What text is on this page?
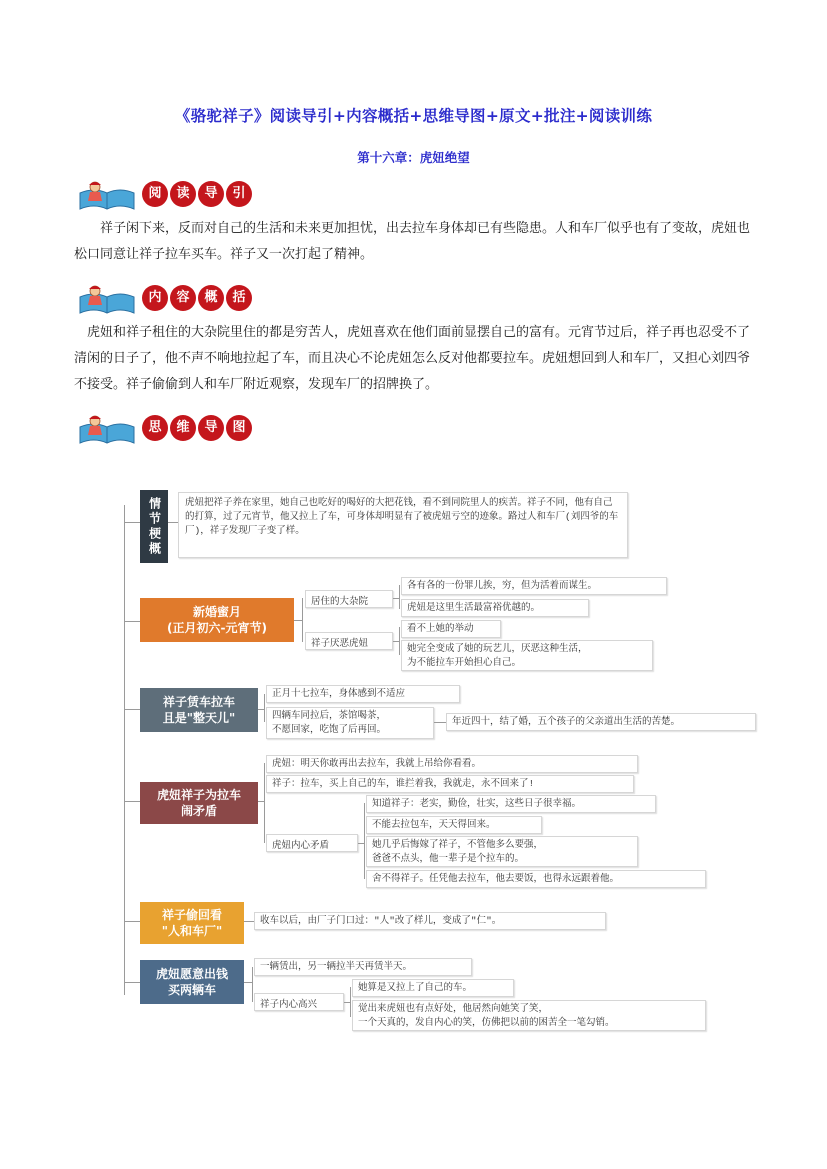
《骆驼祥子》阅读导引+内容概括+思维导图+原文+批注+阅读训练
第十六章：虎妞绝望
阅	读	导	引
祥子闲下来，反而对自己的生活和未来更加担忧，出去拉车身体却已有些隐患。人和车厂似乎也有了变故，虎妞也松口同意让祥子拉车买车。祥子又一次打起了精神。
内	容	概	括
虎妞和祥子租住的大杂院里住的都是穷苦人，虎妞喜欢在他们面前显摆自己的富有。元宵节过后，祥子再也忍受不了清闲的日子了，他不声不响地拉起了车，而且决心不论虎妞怎么反对他都要拉车。虎妞想回到人和车厂，又担心刘四爷不接受。祥子偷偷到人和车厂附近观察，发现车厂的招牌换了。
思	维	导	图
情节梗概	虎妞把祥子养在家里，她自己也吃好的喝好的大把花钱，看不到同院里人的疾苦。祥子不同，他有自己的打算，过了元宵节，他又拉上了车，可身体却明显有了被虎妞亏空的迹象。路过人和车厂(刘四爷的车厂)，祥子发现厂子变了样。
新婚蜜月
(正月初六-元宵节)
居住的大杂院
祥子厌恶虎妞
各有各的一份罪儿挨，穷，但为活着而谋生。
虎妞是这里生活最富裕优越的。
看不上她的举动
她完全变成了她的玩艺儿，厌恶这种生活，
为不能拉车开始担心自己。
祥子赁车拉车
且是"整天儿"
正月十七拉车，身体感到不适应
四辆车同拉后，茶馆喝茶，
不愿回家，吃饱了后再回。
年近四十，结了婚，五个孩子的父亲道出生活的苦楚。
虎妞祥子为拉车
闹矛盾
虎妞：明天你敢再出去拉车，我就上吊给你看看。
祥子：拉车，买上自己的车，谁拦着我，我就走，永不回来了!
虎妞内心矛盾
知道祥子：老实，勤俭，壮实，这些日子很幸福。
不能去拉包车，天天得回来。
她几乎后悔嫁了祥子，不管他多么要强，
爸爸不点头，他一辈子是个拉车的。
舍不得祥子。任凭他去拉车，他去要饭，也得永远跟着他。
祥子偷回看
"人和车厂"
收车以后，由厂子门口过："人"改了样儿，变成了"仁"。
虎妞愿意出钱
买两辆车
一辆赁出，另一辆拉半天再赁半天。
祥子内心高兴
她算是又拉上了自己的车。
觉出来虎妞也有点好处，他居然向她笑了笑，
一个天真的，发自内心的笑，仿佛把以前的困苦全一笔勾销。
